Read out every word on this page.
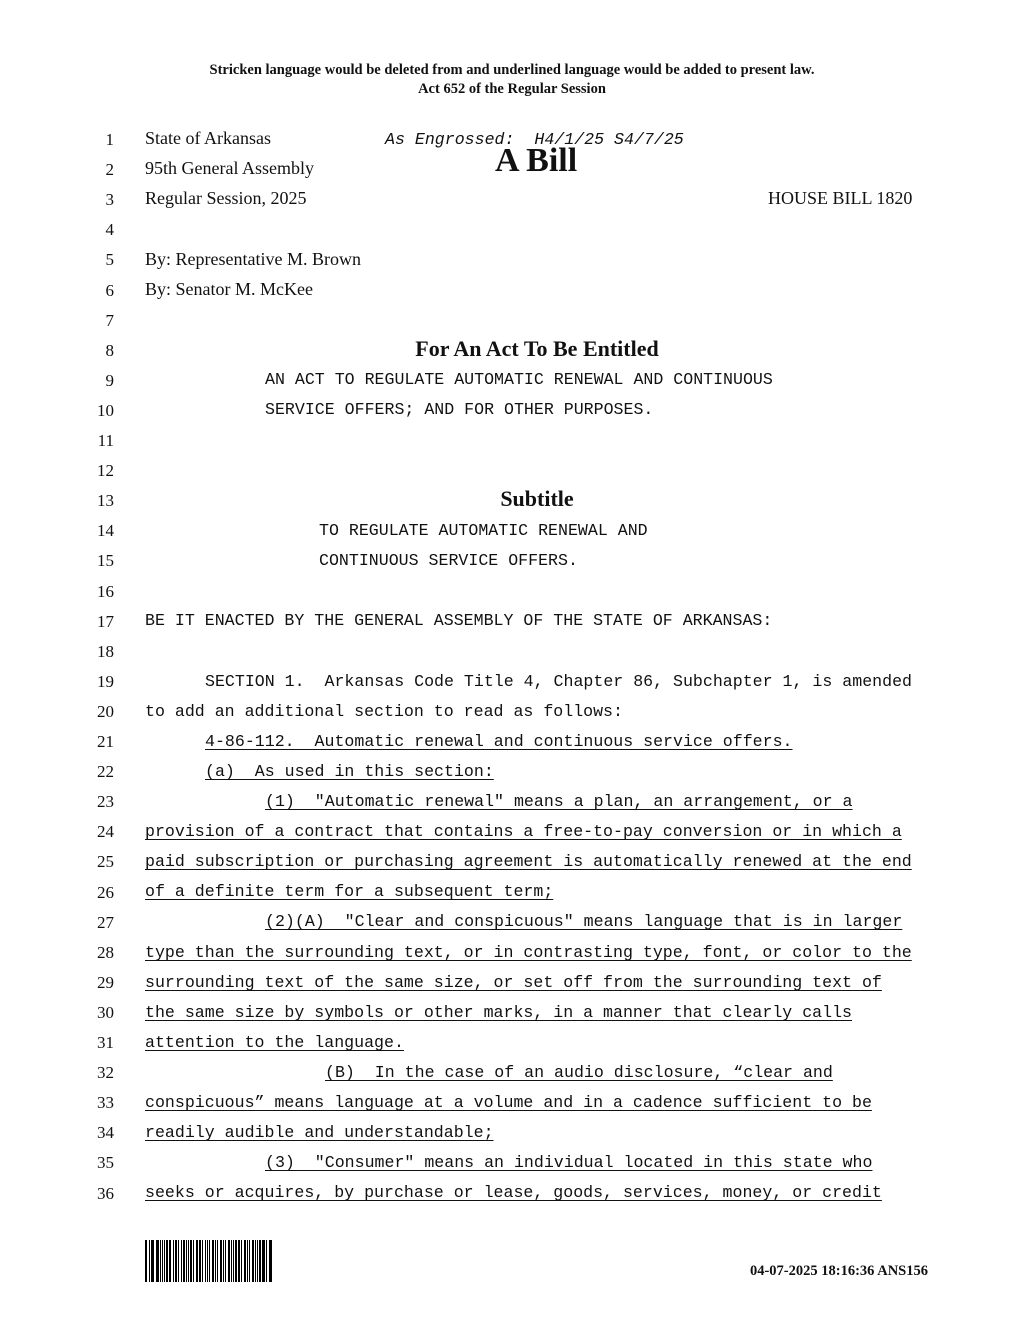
Stricken language would be deleted from and underlined language would be added to present law.
Act 652 of the Regular Session
1
2
3
4
5
6
7
8
9
10
11
12
13
14
15
16
17
18
19
20
21
22
23
24
25
26
27
28
29
30
31
32
33
34
35
36
State of Arkansas	As Engrossed:  H4/1/25 S4/7/25
95th General Assembly	A Bill
Regular Session, 2025	HOUSE BILL 1820
By: Representative M. Brown
By: Senator M. McKee
For An Act To Be Entitled
AN ACT TO REGULATE AUTOMATIC RENEWAL AND CONTINUOUS
SERVICE OFFERS; AND FOR OTHER PURPOSES.
Subtitle
TO REGULATE AUTOMATIC RENEWAL AND
CONTINUOUS SERVICE OFFERS.
BE IT ENACTED BY THE GENERAL ASSEMBLY OF THE STATE OF ARKANSAS:
SECTION 1.  Arkansas Code Title 4, Chapter 86, Subchapter 1, is amended
to add an additional section to read as follows:
4-86-112.  Automatic renewal and continuous service offers.
(a)  As used in this section:
(1)  "Automatic renewal" means a plan, an arrangement, or a
provision of a contract that contains a free-to-pay conversion or in which a
paid subscription or purchasing agreement is automatically renewed at the end
of a definite term for a subsequent term;
(2)(A)  "Clear and conspicuous" means language that is in larger
type than the surrounding text, or in contrasting type, font, or color to the
surrounding text of the same size, or set off from the surrounding text of
the same size by symbols or other marks, in a manner that clearly calls
attention to the language.
(B)  In the case of an audio disclosure, “clear and
conspicuous” means language at a volume and in a cadence sufficient to be
readily audible and understandable;
(3)  "Consumer" means an individual located in this state who
seeks or acquires, by purchase or lease, goods, services, money, or credit
04-07-2025 18:16:36 ANS156
